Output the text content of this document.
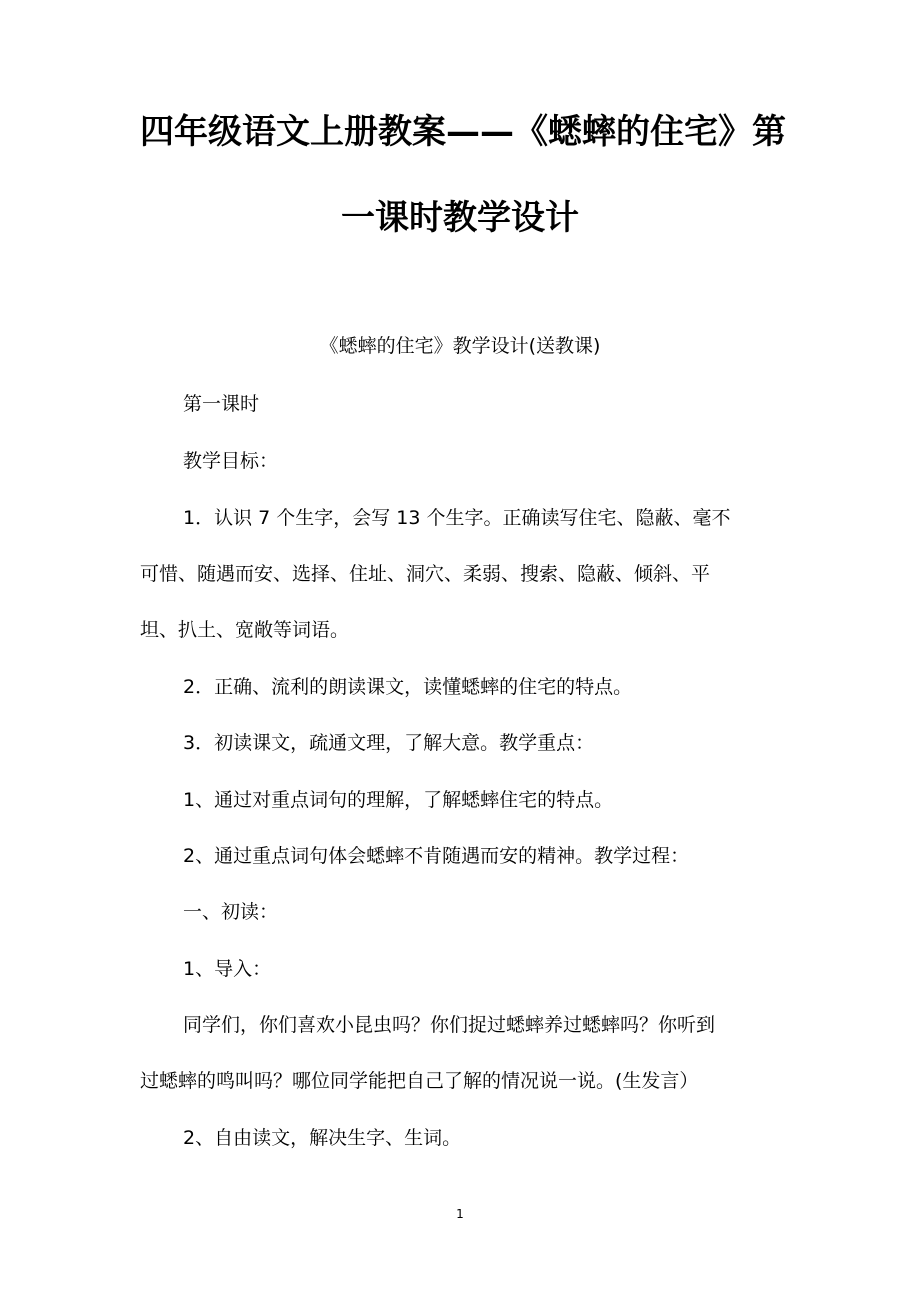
四年级语文上册教案——《蟋蟀的住宅》第
一课时教学设计

《蟋蟀的住宅》教学设计(送教课)

第一课时

教学目标：

1．认识 7 个生字，会写 13 个生字。正确读写住宅、隐蔽、毫不

可惜、随遇而安、选择、住址、洞穴、柔弱、搜索、隐蔽、倾斜、平

坦、扒土、宽敞等词语。

2．正确、流利的朗读课文，读懂蟋蟀的住宅的特点。

3．初读课文，疏通文理，了解大意。教学重点：

1、通过对重点词句的理解，了解蟋蟀住宅的特点。

2、通过重点词句体会蟋蟀不肯随遇而安的精神。教学过程：

一、初读：

1、导入：

同学们，你们喜欢小昆虫吗？你们捉过蟋蟀养过蟋蟀吗？你听到

过蟋蟀的鸣叫吗？哪位同学能把自己了解的情况说一说。(生发言）

2、自由读文，解决生字、生词。

1
